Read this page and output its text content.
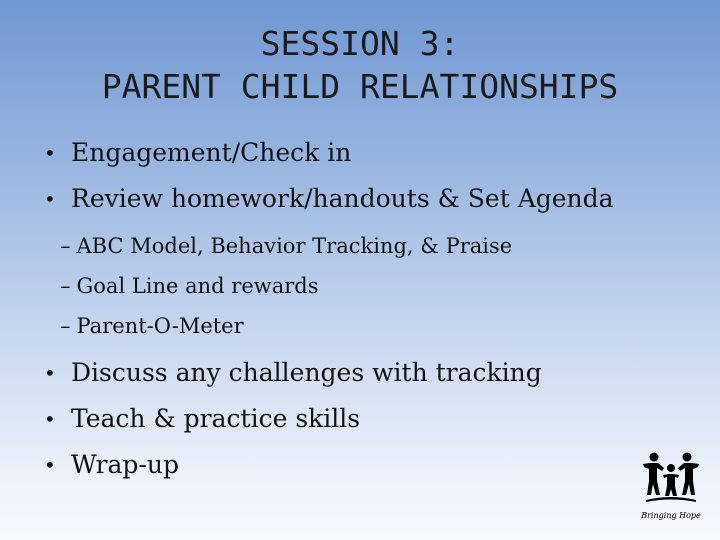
SESSION 3:
PARENT CHILD RELATIONSHIPS
• Engagement/Check in
• Review homework/handouts & Set Agenda
– ABC Model, Behavior Tracking, & Praise
– Goal Line and rewards
– Parent-O-Meter
• Discuss any challenges with tracking
• Teach & practice skills
• Wrap-up
Bringing Hope
